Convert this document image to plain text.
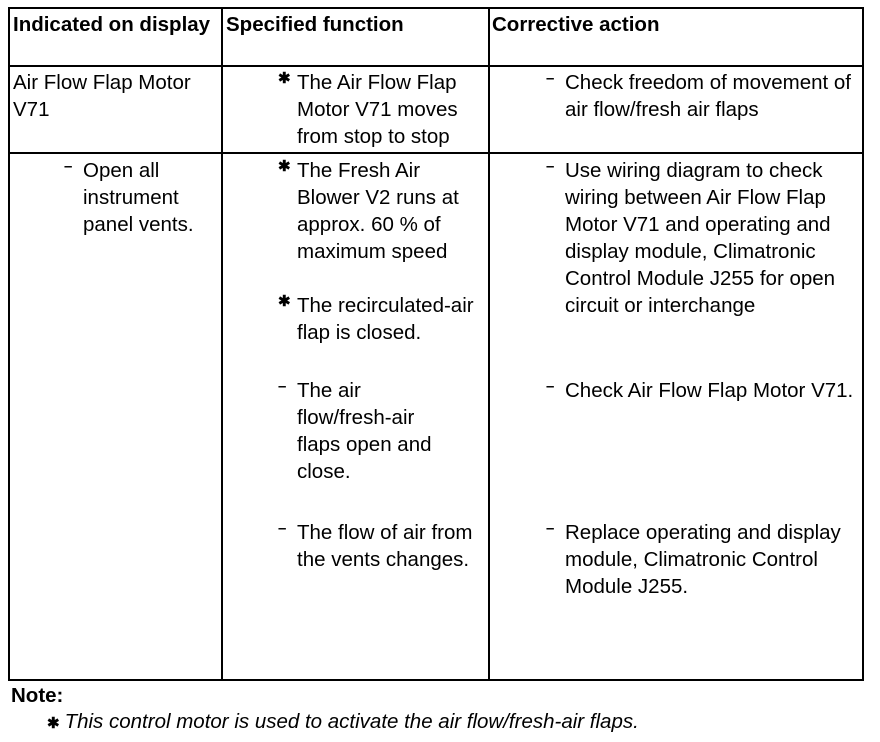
Indicated on display Specified function	Corrective action
Air Flow Flap Motor V71
✱ The Air Flow Flap Motor V71 moves from stop to stop
– Check freedom of movement of air flow/fresh air flaps
– Open all instrument panel vents.
✱ The Fresh Air Blower V2 runs at approx. 60 % of maximum speed
✱ The recirculated-air flap is closed.
– The air flow/fresh-air flaps open and close.
– The flow of air from the vents changes.
– Use wiring diagram to check wiring between Air Flow Flap Motor V71 and operating and display module, Climatronic Control Module J255 for open circuit or interchange
– Check Air Flow Flap Motor V71.
– Replace operating and display module, Climatronic Control Module J255.
Note:
✱ This control motor is used to activate the air flow/fresh-air flaps.
